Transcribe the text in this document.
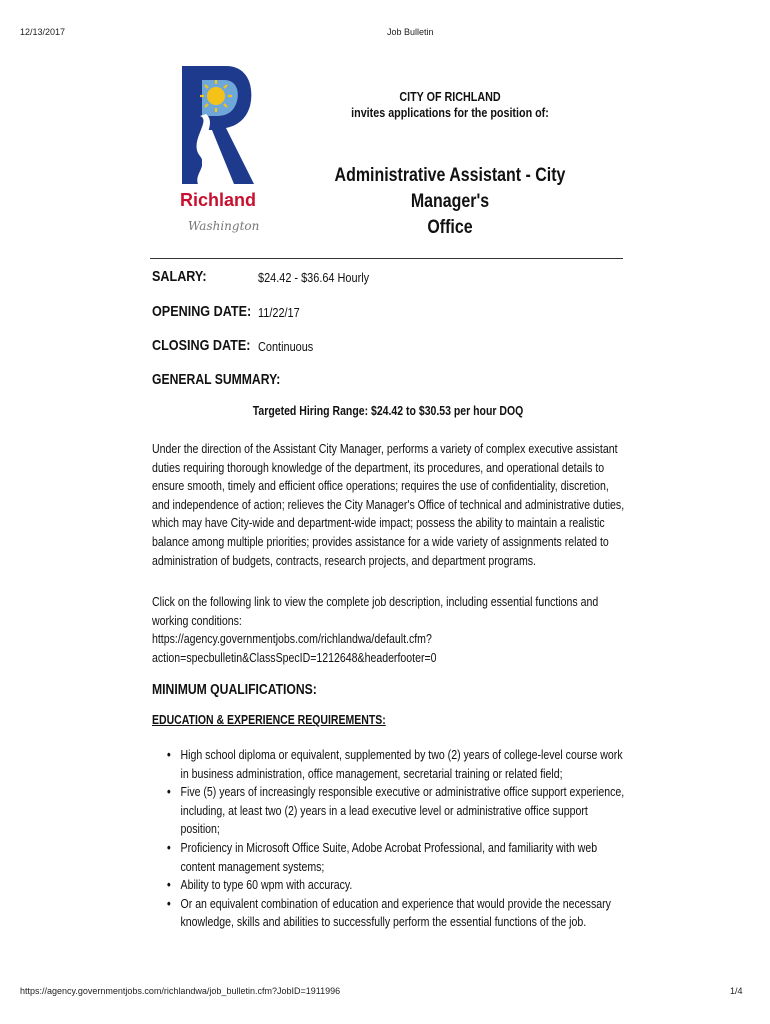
12/13/2017	Job Bulletin
Richland
Washington
CITY OF RICHLAND
invites applications for the position of:
Administrative Assistant - City Manager's
Office
SALARY:	$24.42 - $36.64 Hourly
OPENING DATE: 11/22/17
CLOSING DATE: Continuous
GENERAL SUMMARY:
Targeted Hiring Range: $24.42 to $30.53 per hour DOQ

Under the direction of the Assistant City Manager, performs a variety of complex executive assistant duties requiring thorough knowledge of the department, its procedures, and operational details to ensure smooth, timely and efficient office operations; requires the use of confidentiality, discretion, and independence of action; relieves the City Manager's Office of technical and administrative duties, which may have City-wide and department-wide impact; possess the ability to maintain a realistic balance among multiple priorities; provides assistance for a wide variety of assignments related to administration of budgets, contracts, research projects, and department programs.

Click on the following link to view the complete job description, including essential functions and working conditions:
https://agency.governmentjobs.com/richlandwa/default.cfm?
action=specbulletin&ClassSpecID=1212648&headerfooter=0
MINIMUM QUALIFICATIONS:
EDUCATION & EXPERIENCE REQUIREMENTS:
• High school diploma or equivalent, supplemented by two (2) years of college-level course work in business administration, office management, secretarial training or related field;
• Five (5) years of increasingly responsible executive or administrative office support experience, including, at least two (2) years in a lead executive level or administrative office support position;
• Proficiency in Microsoft Office Suite, Adobe Acrobat Professional, and familiarity with web content management systems;
• Ability to type 60 wpm with accuracy.
• Or an equivalent combination of education and experience that would provide the necessary knowledge, skills and abilities to successfully perform the essential functions of the job.
https://agency.governmentjobs.com/richlandwa/job_bulletin.cfm?JobID=1911996	1/4
